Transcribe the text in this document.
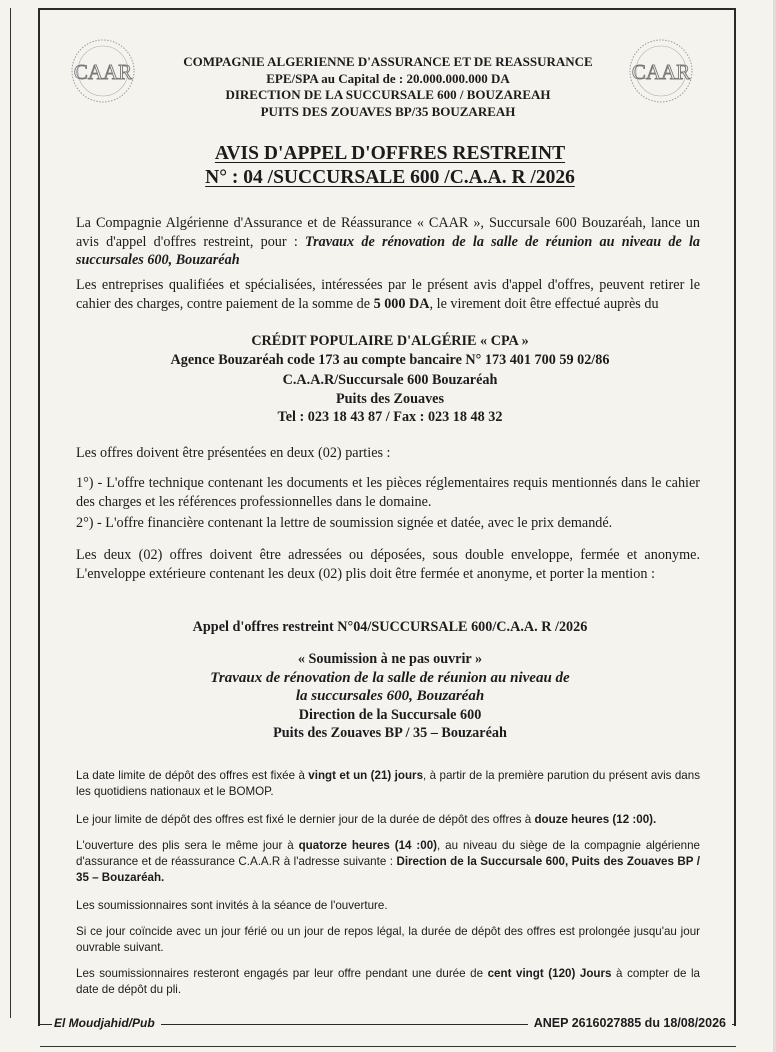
CAAR	CAAR
COMPAGNIE ALGERIENNE D'ASSURANCE ET DE REASSURANCE
EPE/SPA au Capital de : 20.000.000.000 DA
DIRECTION DE LA SUCCURSALE 600 / BOUZAREAH
PUITS DES ZOUAVES BP/35 BOUZAREAH
AVIS D'APPEL D'OFFRES RESTREINT
N° : 04 /SUCCURSALE 600 /C.A.A. R /2026
La Compagnie Algérienne d'Assurance et de Réassurance « CAAR », Succursale 600 Bouzaréah, lance un avis d'appel d'offres restreint, pour : Travaux de rénovation de la salle de réunion au niveau de la succursales 600, Bouzaréah
Les entreprises qualifiées et spécialisées, intéressées par le présent avis d'appel d'offres, peuvent retirer le cahier des charges, contre paiement de la somme de 5 000 DA, le virement doit être effectué auprès du
CRÉDIT POPULAIRE D'ALGÉRIE « CPA »
Agence Bouzaréah code 173 au compte bancaire N° 173 401 700 59 02/86
C.A.A.R/Succursale 600 Bouzaréah
Puits des Zouaves
Tel : 023 18 43 87 / Fax : 023 18 48 32
Les offres doivent être présentées en deux (02) parties :
1°) - L'offre technique contenant les documents et les pièces réglementaires requis mentionnés dans le cahier des charges et les références professionnelles dans le domaine.
2°) - L'offre financière contenant la lettre de soumission signée et datée, avec le prix demandé.
Les deux (02) offres doivent être adressées ou déposées, sous double enveloppe, fermée et anonyme. L'enveloppe extérieure contenant les deux (02) plis doit être fermée et anonyme, et porter la mention :
Appel d'offres restreint N°04/SUCCURSALE 600/C.A.A. R /2026
« Soumission à ne pas ouvrir »
Travaux de rénovation de la salle de réunion au niveau de
la succursales 600, Bouzaréah
Direction de la Succursale 600
Puits des Zouaves BP / 35 – Bouzaréah
La date limite de dépôt des offres est fixée à vingt et un (21) jours, à partir de la première parution du présent avis dans les quotidiens nationaux et le BOMOP.
Le jour limite de dépôt des offres est fixé le dernier jour de la durée de dépôt des offres à douze heures (12 :00).
L'ouverture des plis sera le même jour à quatorze heures (14 :00), au niveau du siège de la compagnie algérienne d'assurance et de réassurance C.A.A.R à l'adresse suivante : Direction de la Succursale 600, Puits des Zouaves BP / 35 – Bouzaréah.
Les soumissionnaires sont invités à la séance de l'ouverture.
Si ce jour coïncide avec un jour férié ou un jour de repos légal, la durée de dépôt des offres est prolongée jusqu'au jour ouvrable suivant.
Les soumissionnaires resteront engagés par leur offre pendant une durée de cent vingt (120) Jours à compter de la date de dépôt du pli.
El Moudjahid/Pub	ANEP 2616027885 du 18/08/2026
